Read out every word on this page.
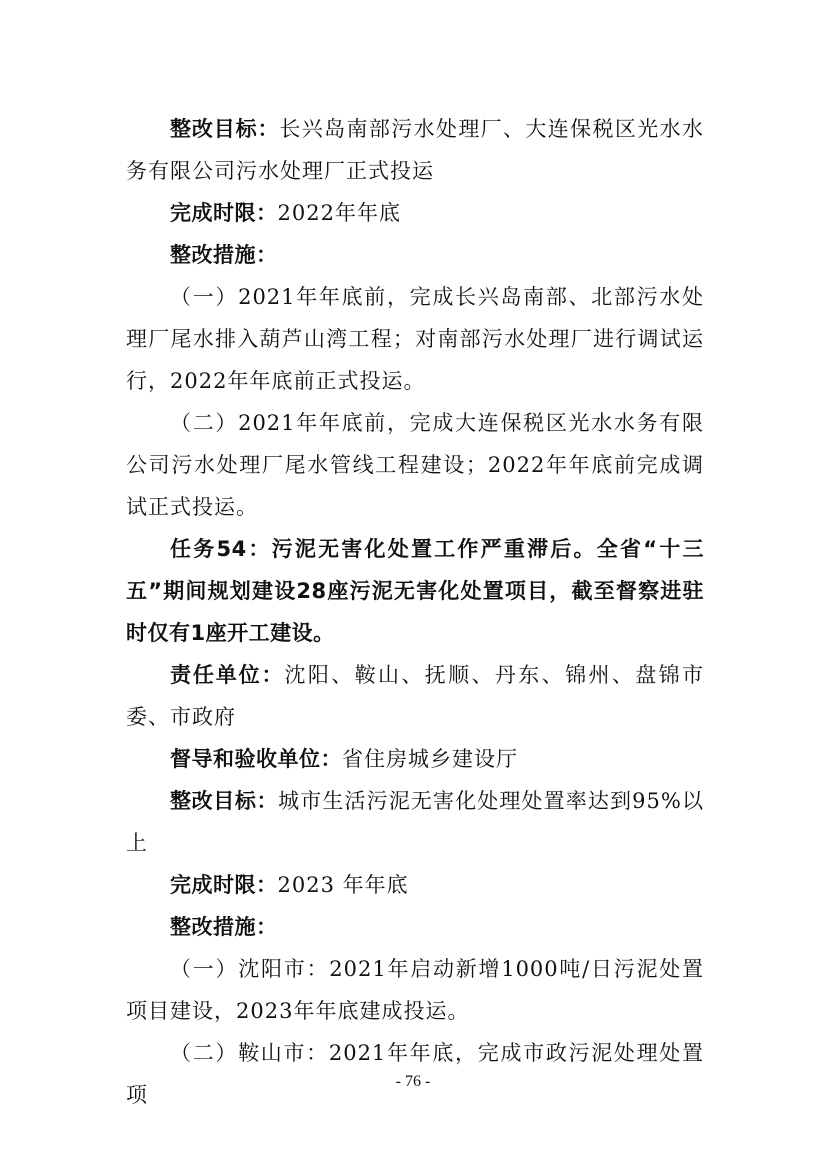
整改目标：长兴岛南部污水处理厂、大连保税区光水水务有限公司污水处理厂正式投运
完成时限：2022年年底
整改措施：
（一）2021年年底前，完成长兴岛南部、北部污水处理厂尾水排入葫芦山湾工程；对南部污水处理厂进行调试运行，2022年年底前正式投运。
（二）2021年年底前，完成大连保税区光水水务有限公司污水处理厂尾水管线工程建设；2022年年底前完成调试正式投运。
任务54：污泥无害化处置工作严重滞后。全省“十三五”期间规划建设28座污泥无害化处置项目，截至督察进驻时仅有1座开工建设。
责任单位：沈阳、鞍山、抚顺、丹东、锦州、盘锦市委、市政府
督导和验收单位：省住房城乡建设厅
整改目标：城市生活污泥无害化处理处置率达到95%以上
完成时限：2023 年年底
整改措施：
（一）沈阳市：2021年启动新增1000吨/日污泥处置项目建设，2023年年底建成投运。
（二）鞍山市：2021年年底，完成市政污泥处理处置项
- 76 -
